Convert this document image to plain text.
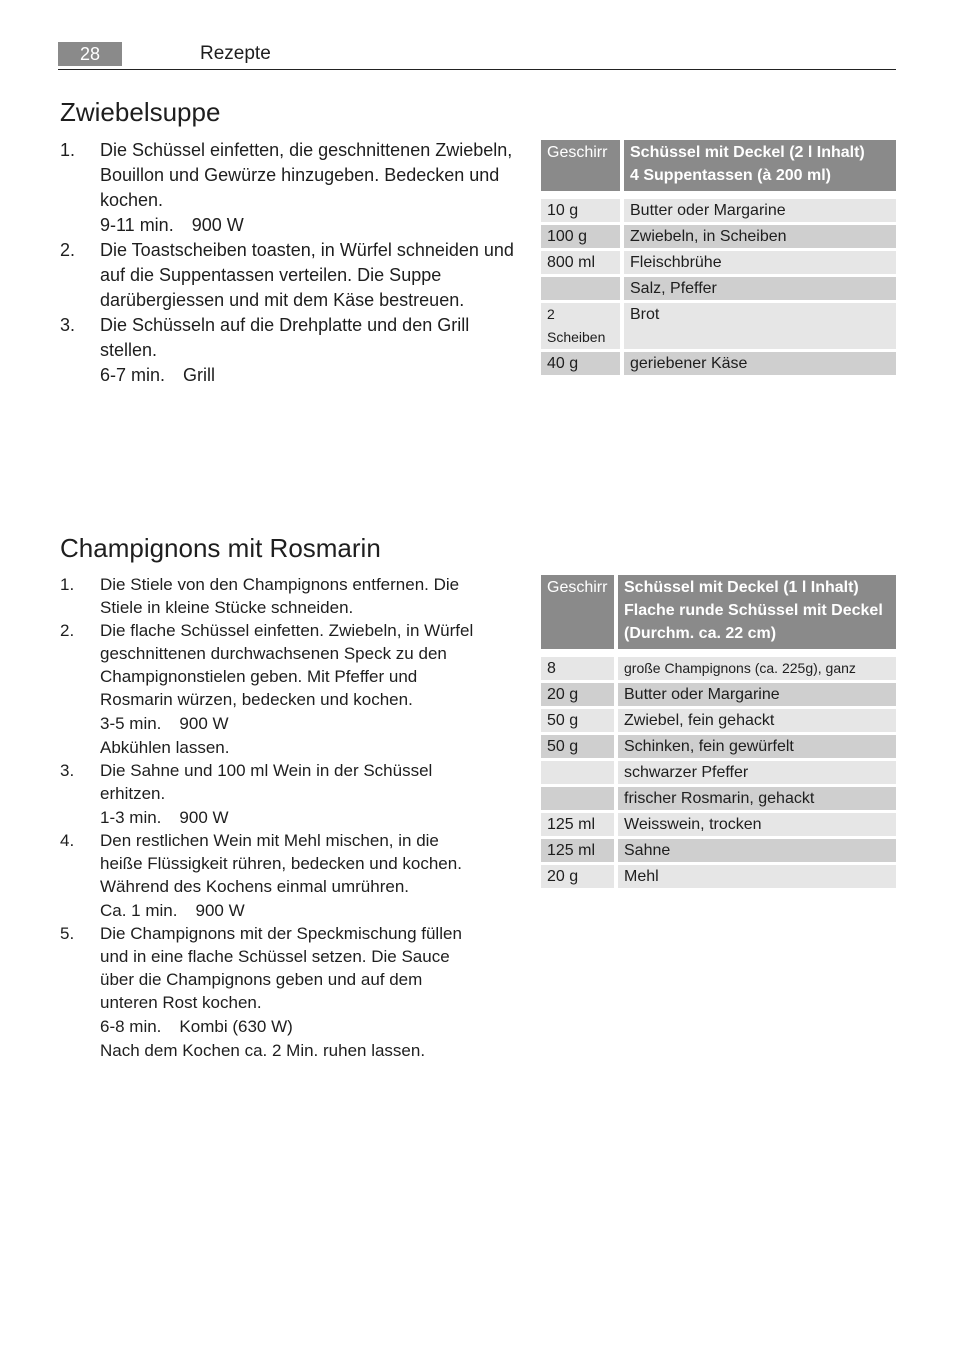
28	Rezepte
Zwiebelsuppe
1. Die Schüssel einfetten, die geschnittenen Zwiebeln, Bouillon und Gewürze hinzugeben. Bedecken und kochen.
9-11 min. 900 W
2. Die Toastscheiben toasten, in Würfel schneiden und auf die Suppentassen verteilen. Die Suppe darübergiessen und mit dem Käse bestreuen.
3. Die Schüsseln auf die Drehplatte und den Grill stellen.
6-7 min. Grill
Geschirr	Schüssel mit Deckel (2 l Inhalt)
4 Suppentassen (à 200 ml)

10 g	Butter oder Margarine
100 g	Zwiebeln, in Scheiben
800 ml	Fleischbrühe
	Salz, Pfeffer
2 Scheiben	Brot
40 g	geriebener Käse
Champignons mit Rosmarin
1. Die Stiele von den Champignons entfernen. Die Stiele in kleine Stücke schneiden.
2. Die flache Schüssel einfetten. Zwiebeln, in Würfel geschnittenen durchwachsenen Speck zu den Champignonstielen geben. Mit Pfeffer und Rosmarin würzen, bedecken und kochen.
3-5 min. 900 W
Abkühlen lassen.
3. Die Sahne und 100 ml Wein in der Schüssel erhitzen.
1-3 min. 900 W
4. Den restlichen Wein mit Mehl mischen, in die heiße Flüssigkeit rühren, bedecken und kochen. Während des Kochens einmal umrühren.
Ca. 1 min. 900 W
5. Die Champignons mit der Speckmischung füllen und in eine flache Schüssel setzen. Die Sauce über die Champignons geben und auf dem unteren Rost kochen.
6-8 min. Kombi (630 W)
Nach dem Kochen ca. 2 Min. ruhen lassen.
Geschirr	Schüssel mit Deckel (1 l Inhalt)
Flache runde Schüssel mit Deckel
(Durchm. ca. 22 cm)

8	große Champignons (ca. 225g), ganz
20 g	Butter oder Margarine
50 g	Zwiebel, fein gehackt
50 g	Schinken, fein gewürfelt
	schwarzer Pfeffer
	frischer Rosmarin, gehackt
125 ml	Weisswein, trocken
125 ml	Sahne
20 g	Mehl
